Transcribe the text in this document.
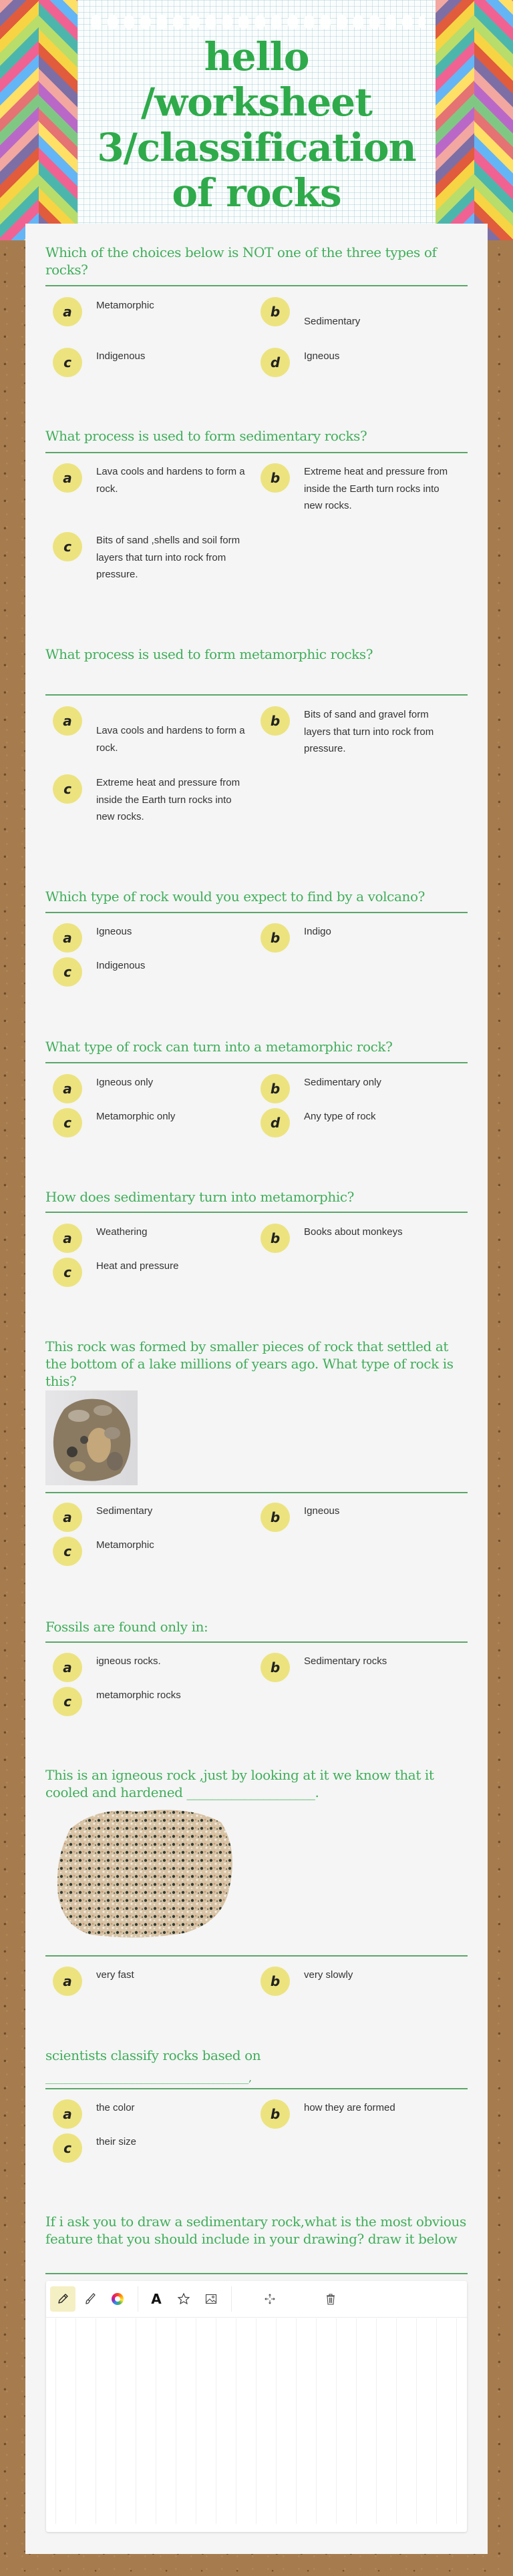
hello /worksheet 3/classification of rocks
Which of the choices below is NOT one of the three types of rocks?
a	Metamorphic	b
Sedimentary
c	Indigenous	d	Igneous
What process is used to form sedimentary rocks?
a	Lava cools and hardens to form a rock.
b	Extreme heat and pressure from inside the Earth turn rocks into new rocks.
c	Bits of sand ,shells and soil form layers that turn into rock from pressure.
What process is used to form metamorphic rocks?
a
Lava cools and hardens to form a rock.
b	Bits of sand and gravel form layers that turn into rock from pressure.
c	Extreme heat and pressure from inside the Earth turn rocks into new rocks.
Which type of rock would you expect to find by a volcano?
a	Igneous	b	Indigo
c	Indigenous
What type of rock can turn into a metamorphic rock?
a	Igneous only	b	Sedimentary only
c	Metamorphic only	d	Any type of rock
How does sedimentary turn into metamorphic?
a	Weathering	b	Books about monkeys
c	Heat and pressure
This rock was formed by smaller pieces of rock that settled at the bottom of a lake millions of years ago. What type of rock is this?
a	Sedimentary	b	Igneous
c	Metamorphic
Fossils are found only in:
a	igneous rocks.	b	Sedimentary rocks
c	metamorphic rocks
This is an igneous rock ,just by looking at it we know that it cooled and hardened ____________________.
a	very fast	b	very slowly
scientists classify rocks based on
________________________________________,
a	the color	b	how they are formed
c	their size
If i ask you to draw a sedimentary rock,what is the most obvious feature that you should include in your drawing? draw it below
A
